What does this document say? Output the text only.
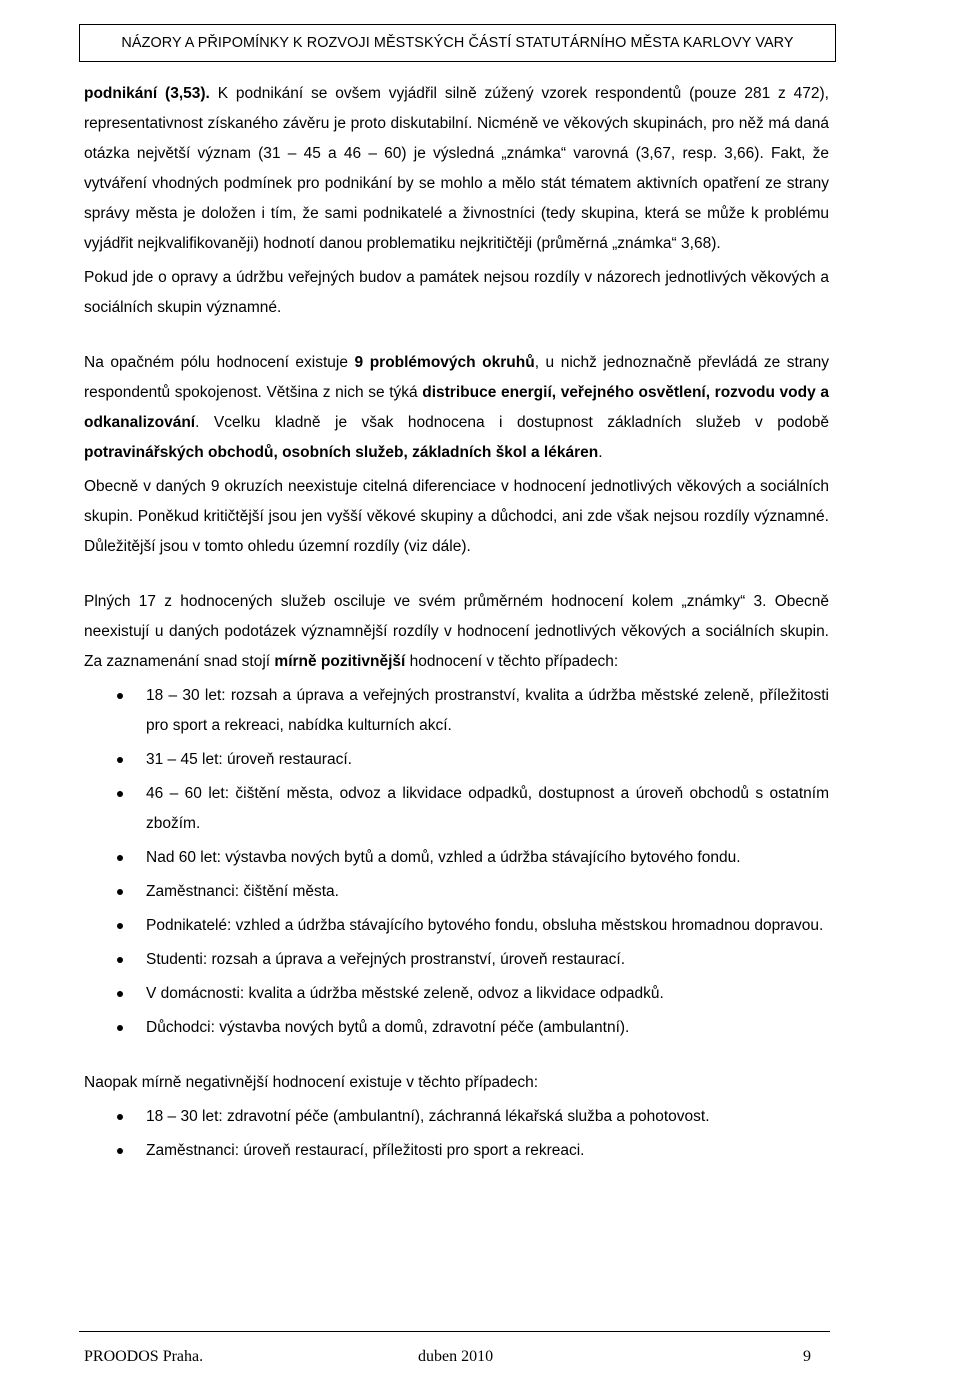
NÁZORY A PŘIPOMÍNKY K ROZVOJI MĚSTSKÝCH ČÁSTÍ STATUTÁRNÍHO MĚSTA KARLOVY VARY

podnikání (3,53). K podnikání se ovšem vyjádřil silně zúžený vzorek respondentů (pouze 281 z 472), representativnost získaného závěru je proto diskutabilní. Nicméně ve věkových skupinách, pro něž má daná otázka největší význam (31 – 45 a 46 – 60) je výsledná „známka“ varovná (3,67, resp. 3,66). Fakt, že vytváření vhodných podmínek pro podnikání by se mohlo a mělo stát tématem aktivních opatření ze strany správy města je doložen i tím, že sami podnikatelé a živnostníci (tedy skupina, která se může k problému vyjádřit nejkvalifikovaněji) hodnotí danou problematiku nejkritičtěji (průměrná „známka“ 3,68).

Pokud jde o opravy a údržbu veřejných budov a památek nejsou rozdíly v názorech jednotlivých věkových a sociálních skupin významné.

Na opačném pólu hodnocení existuje 9 problémových okruhů, u nichž jednoznačně převládá ze strany respondentů spokojenost. Většina z nich se týká distribuce energií, veřejného osvětlení, rozvodu vody a odkanalizování. Vcelku kladně je však hodnocena i dostupnost základních služeb v podobě potravinářských obchodů, osobních služeb, základních škol a lékáren.

Obecně v daných 9 okruzích neexistuje citelná diferenciace v hodnocení jednotlivých věkových a sociálních skupin. Poněkud kritičtější jsou jen vyšší věkové skupiny a důchodci, ani zde však nejsou rozdíly významné. Důležitější jsou v tomto ohledu územní rozdíly (viz dále).

Plných 17 z hodnocených služeb osciluje ve svém průměrném hodnocení kolem „známky“ 3. Obecně neexistují u daných podotázek významnější rozdíly v hodnocení jednotlivých věkových a sociálních skupin. Za zaznamenání snad stojí mírně pozitivnější hodnocení v těchto případech:

18 – 30 let: rozsah a úprava a veřejných prostranství, kvalita a údržba městské zeleně, příležitosti pro sport a rekreaci, nabídka kulturních akcí.
31 – 45 let: úroveň restaurací.
46 – 60 let: čištění města, odvoz a likvidace odpadků, dostupnost a úroveň obchodů s ostatním zbožím.
Nad 60 let: výstavba nových bytů a domů, vzhled a údržba stávajícího bytového fondu.
Zaměstnanci: čištění města.
Podnikatelé: vzhled a údržba stávajícího bytového fondu, obsluha městskou hromadnou dopravou.
Studenti: rozsah a úprava a veřejných prostranství, úroveň restaurací.
V domácnosti: kvalita a údržba městské zeleně, odvoz a likvidace odpadků.
Důchodci: výstavba nových bytů a domů, zdravotní péče (ambulantní).

Naopak mírně negativnější hodnocení existuje v těchto případech:

18 – 30 let: zdravotní péče (ambulantní), záchranná lékařská služba a pohotovost.
Zaměstnanci: úroveň restaurací, příležitosti pro sport a rekreaci.
PROODOS Praha.	duben 2010	9
